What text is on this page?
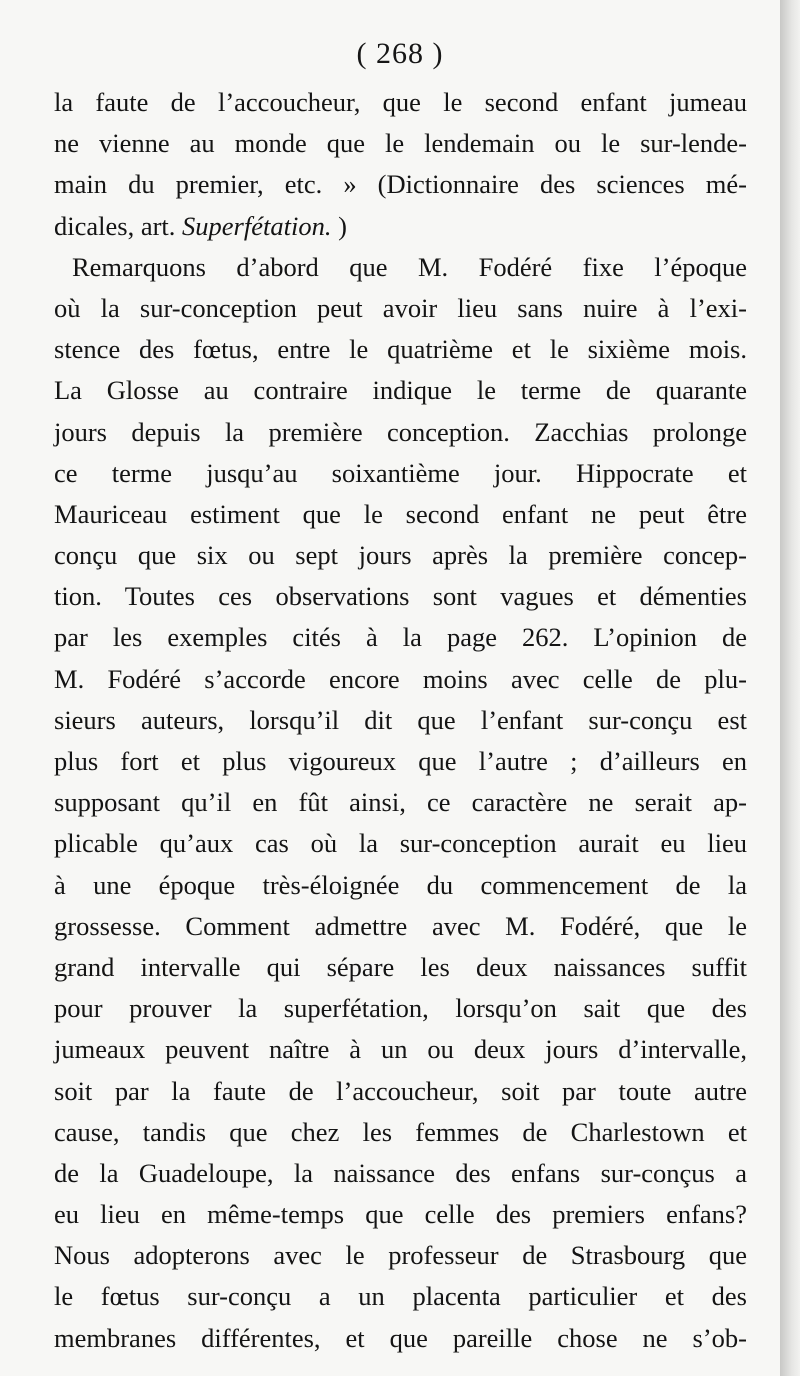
( 268 )
la faute de l’accoucheur, que le second enfant jumeau
ne vienne au monde que le lendemain ou le sur-lende-
main du premier, etc. » (Dictionnaire des sciences mé-
dicales, art. Superfétation. )
Remarquons d’abord que M. Fodéré fixe l’époque
où la sur-conception peut avoir lieu sans nuire à l’exi-
stence des fœtus, entre le quatrième et le sixième mois.
La Glosse au contraire indique le terme de quarante
jours depuis la première conception. Zacchias prolonge
ce terme jusqu’au soixantième jour. Hippocrate et
Mauriceau estiment que le second enfant ne peut être
conçu que six ou sept jours après la première concep-
tion. Toutes ces observations sont vagues et démenties
par les exemples cités à la page 262. L’opinion de
M. Fodéré s’accorde encore moins avec celle de plu-
sieurs auteurs, lorsqu’il dit que l’enfant sur-conçu est
plus fort et plus vigoureux que l’autre ; d’ailleurs en
supposant qu’il en fût ainsi, ce caractère ne serait ap-
plicable qu’aux cas où la sur-conception aurait eu lieu
à une époque très-éloignée du commencement de la
grossesse. Comment admettre avec M. Fodéré, que le
grand intervalle qui sépare les deux naissances suffit
pour prouver la superfétation, lorsqu’on sait que des
jumeaux peuvent naître à un ou deux jours d’intervalle,
soit par la faute de l’accoucheur, soit par toute autre
cause, tandis que chez les femmes de Charlestown et
de la Guadeloupe, la naissance des enfans sur-conçus a
eu lieu en même-temps que celle des premiers enfans?
Nous adopterons avec le professeur de Strasbourg que
le fœtus sur-conçu a un placenta particulier et des
membranes différentes, et que pareille chose ne s’ob-
